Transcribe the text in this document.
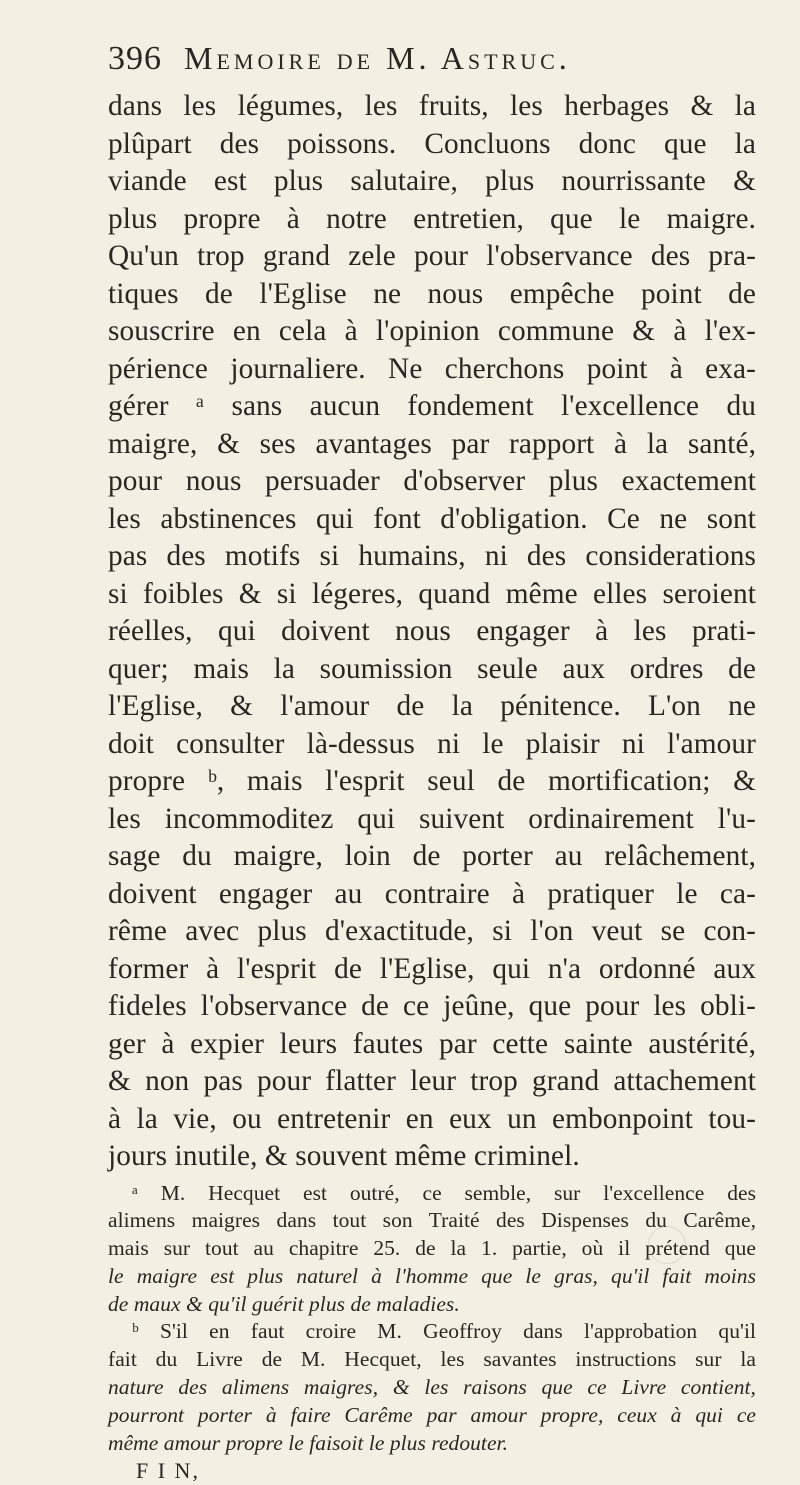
396 Memoire de M. Astruc.
dans les légumes, les fruits, les herbages & la
plûpart des poissons. Concluons donc que la
viande est plus salutaire, plus nourrissante &
plus propre à notre entretien, que le maigre.
Qu'un trop grand zele pour l'observance des pra-
tiques de l'Eglise ne nous empêche point de
souscrire en cela à l'opinion commune & à l'ex-
périence journaliere. Ne cherchons point à exa-
gérer ᵃ sans aucun fondement l'excellence du
maigre, & ses avantages par rapport à la santé,
pour nous persuader d'observer plus exactement
les abstinences qui font d'obligation. Ce ne sont
pas des motifs si humains, ni des considerations
si foibles & si légeres, quand même elles seroient
réelles, qui doivent nous engager à les prati-
quer; mais la soumission seule aux ordres de
l'Eglise, & l'amour de la pénitence. L'on ne
doit consulter là-dessus ni le plaisir ni l'amour
propre ᵇ, mais l'esprit seul de mortification; &
les incommoditez qui suivent ordinairement l'u-
sage du maigre, loin de porter au relâchement,
doivent engager au contraire à pratiquer le ca-
rême avec plus d'exactitude, si l'on veut se con-
former à l'esprit de l'Eglise, qui n'a ordonné aux
fideles l'observance de ce jeûne, que pour les obli-
ger à expier leurs fautes par cette sainte austérité,
& non pas pour flatter leur trop grand attachement
à la vie, ou entretenir en eux un embonpoint tou-
jours inutile, & souvent même criminel.
ᵃ M. Hecquet est outré, ce semble, sur l'excellence des
alimens maigres dans tout son Traité des Dispenses du Carême,
mais sur tout au chapitre 25. de la 1. partie, où il prétend que
le maigre est plus naturel à l'homme que le gras, qu'il fait moins
de maux & qu'il guérit plus de maladies.
ᵇ S'il en faut croire M. Geoffroy dans l'approbation qu'il
fait du Livre de M. Hecquet, les savantes instructions sur la
nature des alimens maigres, & les raisons que ce Livre contient,
pourront porter à faire Carême par amour propre, ceux à qui ce
même amour propre le faisoit le plus redouter.
F I N,
